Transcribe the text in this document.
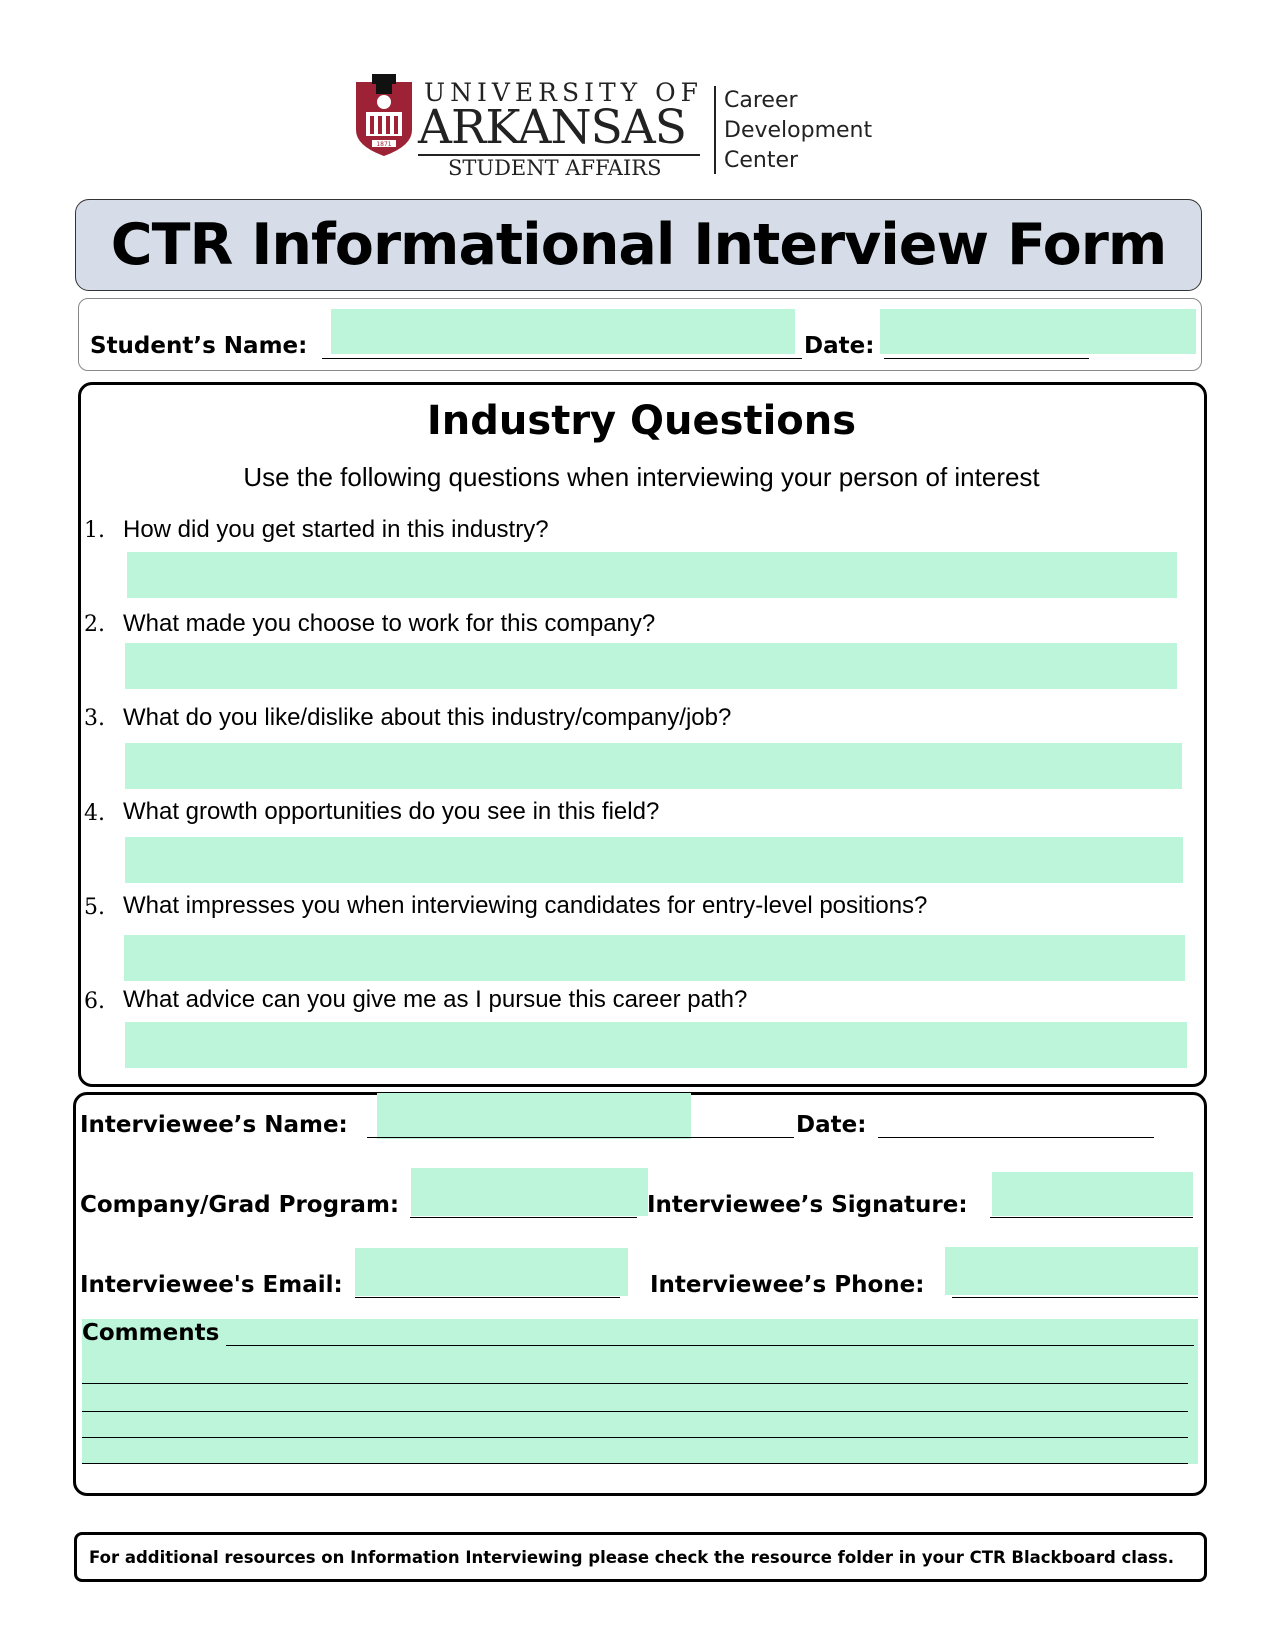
1871
UNIVERSITY OF
ARKANSAS
STUDENT AFFAIRS
Career
Development
Center
CTR Informational Interview Form
Student’s Name:	Date:
Industry Questions
Use the following questions when interviewing your person of interest
1. How did you get started in this industry?
2. What made you choose to work for this company?
3. What do you like/dislike about this industry/company/job?
4. What growth opportunities do you see in this field?
5. What impresses you when interviewing candidates for entry-level positions?
6. What advice can you give me as I pursue this career path?
Interviewee’s Name:	Date:
Company/Grad Program:	Interviewee’s Signature:
Interviewee's Email:	Interviewee’s Phone:
Comments
For additional resources on Information Interviewing please check the resource folder in your CTR Blackboard class.
